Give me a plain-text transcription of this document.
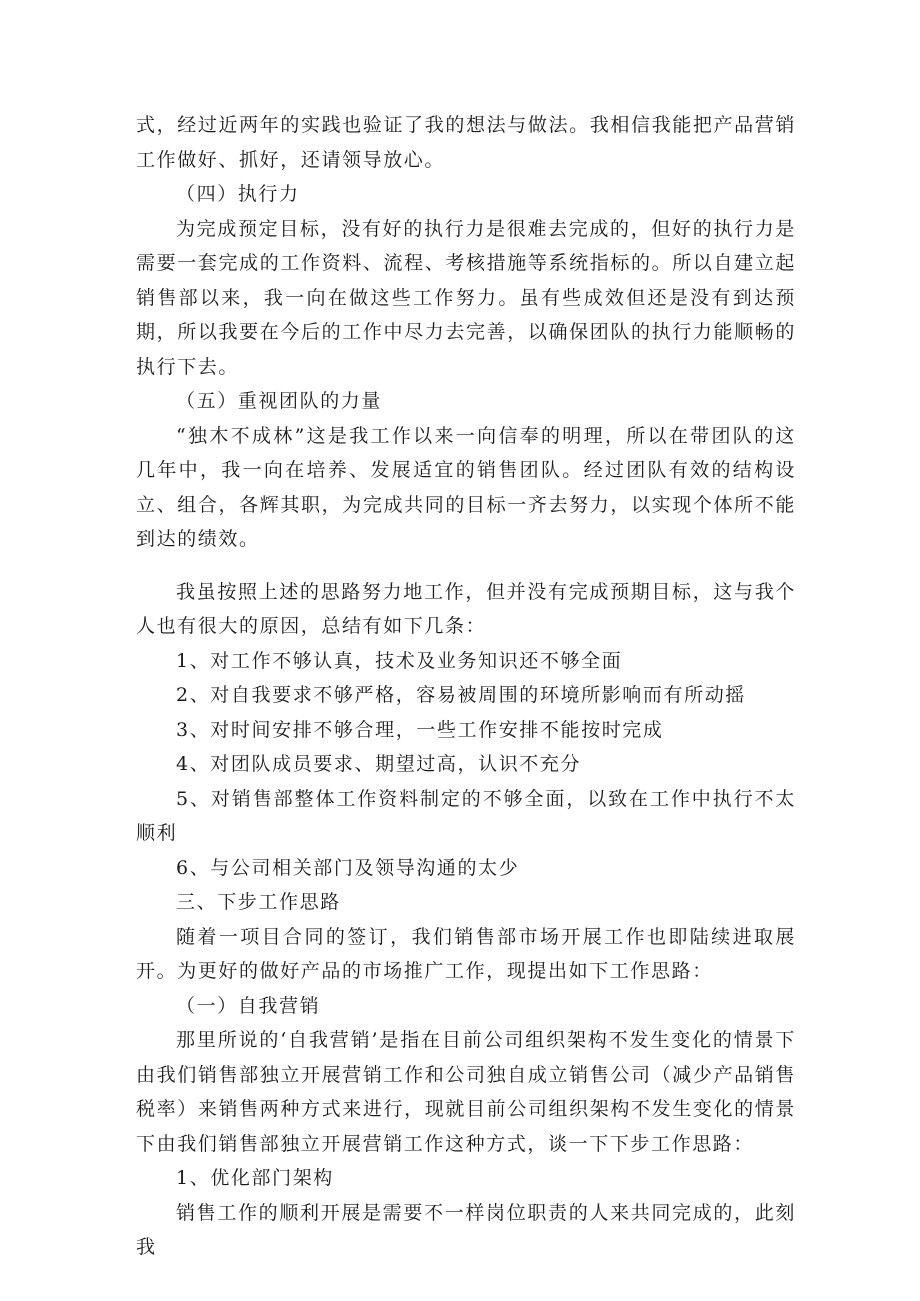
式，经过近两年的实践也验证了我的想法与做法。我相信我能把产品营销工作做好、抓好，还请领导放心。

（四）执行力

为完成预定目标，没有好的执行力是很难去完成的，但好的执行力是需要一套完成的工作资料、流程、考核措施等系统指标的。所以自建立起销售部以来，我一向在做这些工作努力。虽有些成效但还是没有到达预期，所以我要在今后的工作中尽力去完善，以确保团队的执行力能顺畅的执行下去。

（五）重视团队的力量

“独木不成林”这是我工作以来一向信奉的明理，所以在带团队的这几年中，我一向在培养、发展适宜的销售团队。经过团队有效的结构设立、组合，各辉其职，为完成共同的目标一齐去努力，以实现个体所不能到达的绩效。

我虽按照上述的思路努力地工作，但并没有完成预期目标，这与我个人也有很大的原因，总结有如下几条：

1、对工作不够认真，技术及业务知识还不够全面

2、对自我要求不够严格，容易被周围的环境所影响而有所动摇

3、对时间安排不够合理，一些工作安排不能按时完成

4、对团队成员要求、期望过高，认识不充分

5、对销售部整体工作资料制定的不够全面，以致在工作中执行不太顺利

6、与公司相关部门及领导沟通的太少

三、下步工作思路

随着一项目合同的签订，我们销售部市场开展工作也即陆续进取展开。为更好的做好产品的市场推广工作，现提出如下工作思路：

（一）自我营销

那里所说的‘自我营销’是指在目前公司组织架构不发生变化的情景下由我们销售部独立开展营销工作和公司独自成立销售公司（减少产品销售税率）来销售两种方式来进行，现就目前公司组织架构不发生变化的情景下由我们销售部独立开展营销工作这种方式，谈一下下步工作思路：

1、优化部门架构

销售工作的顺利开展是需要不一样岗位职责的人来共同完成的，此刻我
